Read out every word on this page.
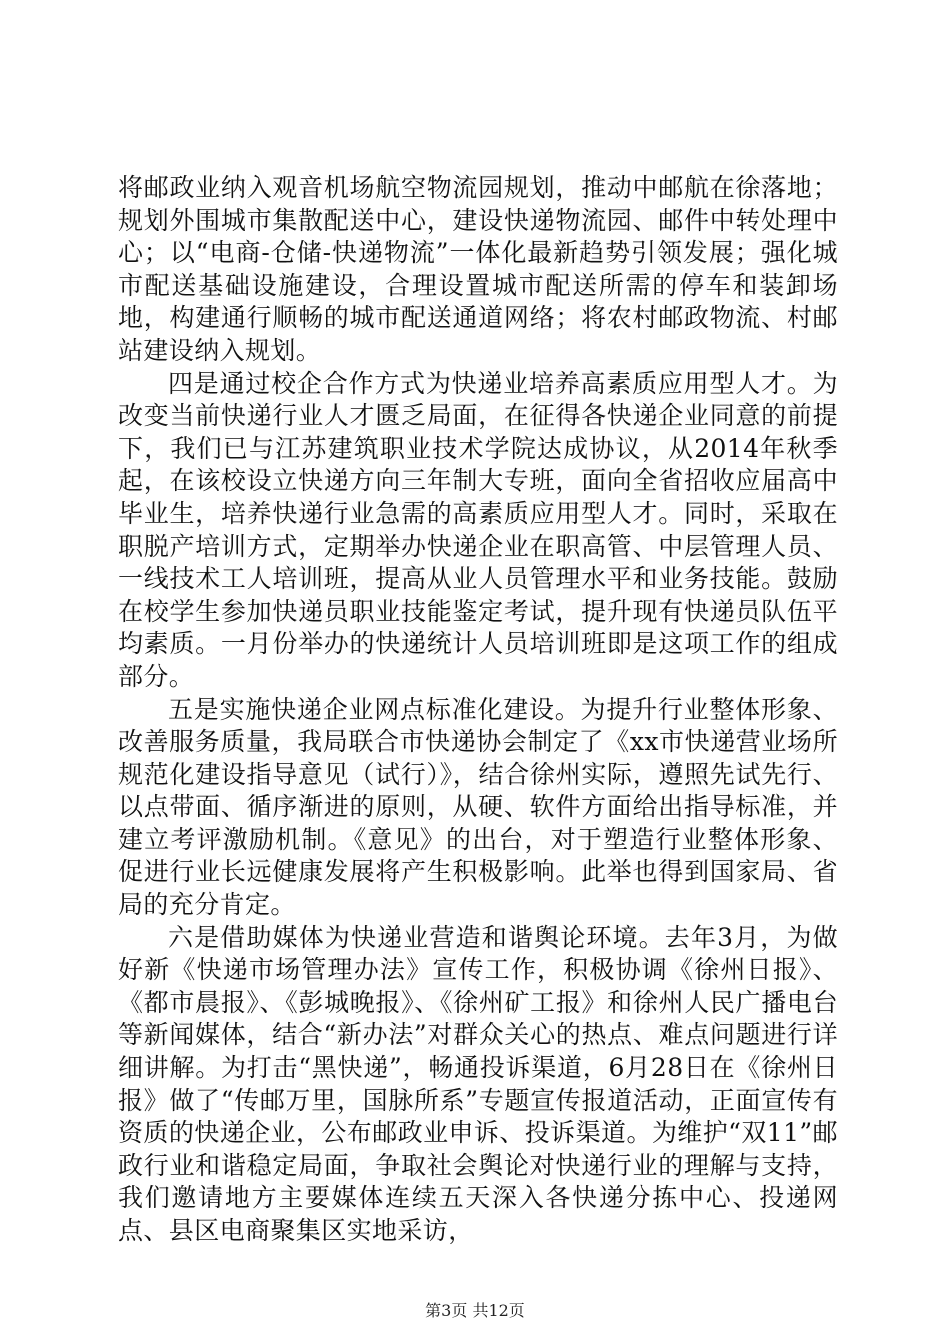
将邮政业纳入观音机场航空物流园规划，推动中邮航在徐落地；规划外围城市集散配送中心，建设快递物流园、邮件中转处理中心；以“电商-仓储-快递物流”一体化最新趋势引领发展；强化城市配送基础设施建设，合理设置城市配送所需的停车和装卸场地，构建通行顺畅的城市配送通道网络；将农村邮政物流、村邮站建设纳入规划。

四是通过校企合作方式为快递业培养高素质应用型人才。为改变当前快递行业人才匮乏局面，在征得各快递企业同意的前提下，我们已与江苏建筑职业技术学院达成协议，从2014年秋季起，在该校设立快递方向三年制大专班，面向全省招收应届高中毕业生，培养快递行业急需的高素质应用型人才。同时，采取在职脱产培训方式，定期举办快递企业在职高管、中层管理人员、一线技术工人培训班，提高从业人员管理水平和业务技能。鼓励在校学生参加快递员职业技能鉴定考试，提升现有快递员队伍平均素质。一月份举办的快递统计人员培训班即是这项工作的组成部分。

五是实施快递企业网点标准化建设。为提升行业整体形象、改善服务质量，我局联合市快递协会制定了《xx市快递营业场所规范化建设指导意见（试行）》，结合徐州实际，遵照先试先行、以点带面、循序渐进的原则，从硬、软件方面给出指导标准，并建立考评激励机制。《意见》的出台，对于塑造行业整体形象、促进行业长远健康发展将产生积极影响。此举也得到国家局、省局的充分肯定。

六是借助媒体为快递业营造和谐舆论环境。去年3月，为做好新《快递市场管理办法》宣传工作，积极协调《徐州日报》、《都市晨报》、《彭城晚报》、《徐州矿工报》和徐州人民广播电台等新闻媒体，结合“新办法”对群众关心的热点、难点问题进行详细讲解。为打击“黑快递”，畅通投诉渠道，6月28日在《徐州日报》做了“传邮万里，国脉所系”专题宣传报道活动，正面宣传有资质的快递企业，公布邮政业申诉、投诉渠道。为维护“双11”邮政行业和谐稳定局面，争取社会舆论对快递行业的理解与支持，我们邀请地方主要媒体连续五天深入各快递分拣中心、投递网点、县区电商聚集区实地采访，

第3页 共12页
